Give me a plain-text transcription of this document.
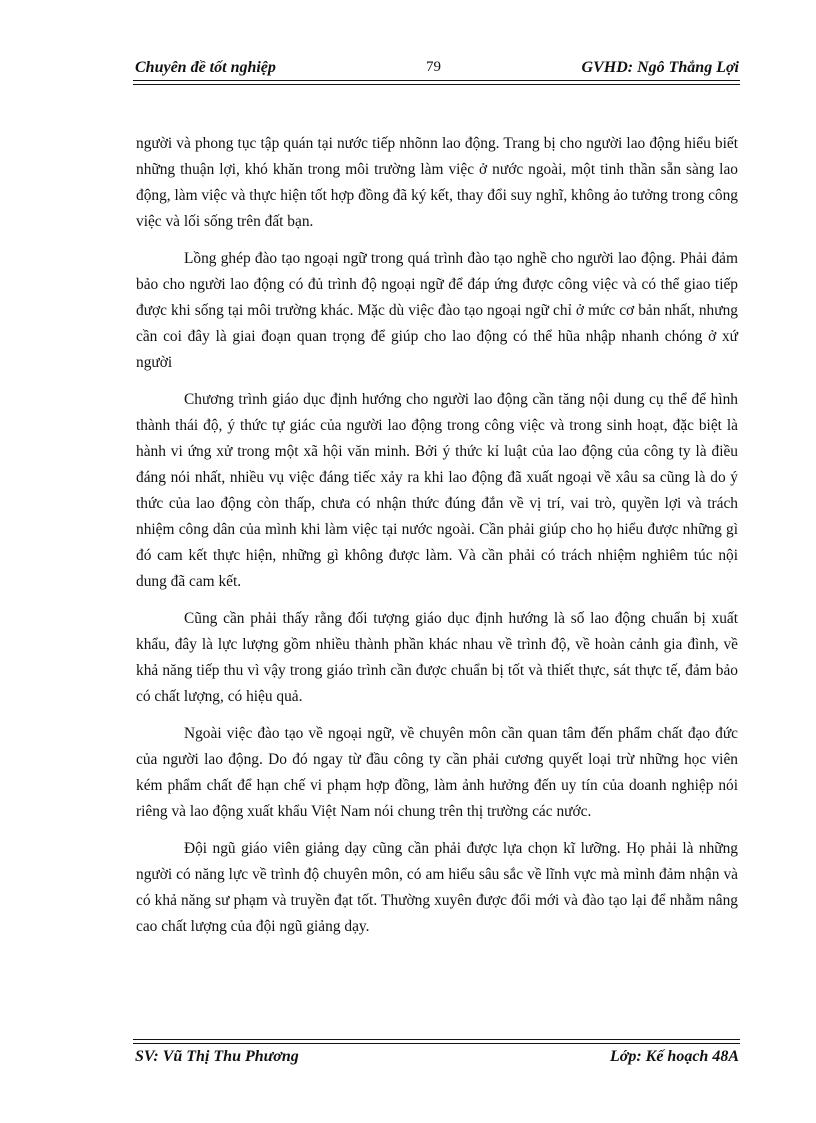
Chuyên đề tốt nghiệp	79	GVHD: Ngô Thắng Lợi

người và phong tục tập quán tại nước tiếp nhõnn lao động. Trang bị cho người lao động hiểu biết những thuận lợi, khó khăn trong môi trường làm việc ở nước ngoài, một tinh thần sẵn sàng lao động, làm việc và thực hiện tốt hợp đồng đã ký kết, thay đổi suy nghĩ, không ảo tưởng trong công việc và lối sống trên đất bạn.

Lồng ghép đào tạo ngoại ngữ trong quá trình đào tạo nghề cho người lao động. Phải đảm bảo cho người lao động có đủ trình độ ngoại ngữ để đáp ứng được công việc và có thể giao tiếp được khi sống tại môi trường khác. Mặc dù việc đào tạo ngoại ngữ chỉ ở mức cơ bản nhất, nhưng cần coi đây là giai đoạn quan trọng để giúp cho lao động có thể hũa nhập nhanh chóng ở xứ người

Chương trình giáo dục định hướng cho người lao động cần tăng nội dung cụ thể để hình thành thái độ, ý thức tự giác của người lao động trong công việc và trong sinh hoạt, đặc biệt là hành vi ứng xử trong một xã hội văn minh. Bởi ý thức kỉ luật của lao động của công ty là điều đáng nói nhất, nhiều vụ việc đáng tiếc xảy ra khi lao động đã xuất ngoại về xâu sa cũng là do ý thức của lao động còn thấp, chưa có nhận thức đúng đắn về vị trí, vai trò, quyền lợi và trách nhiệm công dân của mình khi làm việc tại nước ngoài. Cần phải giúp cho họ hiểu được những gì đó cam kết thực hiện, những gì không được làm. Và cần phải có trách nhiệm nghiêm túc nội dung đã cam kết.

Cũng cần phải thấy rằng đối tượng giáo dục định hướng là số lao động chuẩn bị xuất khẩu, đây là lực lượng gồm nhiều thành phần khác nhau về trình độ, về hoàn cảnh gia đình, về khả năng tiếp thu vì vậy trong giáo trình cần được chuẩn bị tốt và thiết thực, sát thực tế, đảm bảo có chất lượng, có hiệu quả.

Ngoài việc đào tạo về ngoại ngữ, về chuyên môn cần quan tâm đến phẩm chất đạo đức của người lao động. Do đó ngay từ đầu công ty cần phải cương quyết loại trừ những học viên kém phẩm chất để hạn chế vi phạm hợp đồng, làm ảnh hưởng đến uy tín của doanh nghiệp nói riêng và lao động xuất khẩu Việt Nam nói chung trên thị trường các nước.

Đội ngũ giáo viên giảng dạy cũng cần phải được lựa chọn kĩ lưỡng. Họ phải là những người có năng lực về trình độ chuyên môn, có am hiểu sâu sắc về lĩnh vực mà mình đảm nhận và có khả năng sư phạm và truyền đạt tốt. Thường xuyên được đổi mới và đào tạo lại để nhằm nâng cao chất lượng của đội ngũ giảng dạy.

SV: Vũ Thị Thu Phương	Lớp: Kế hoạch 48A
